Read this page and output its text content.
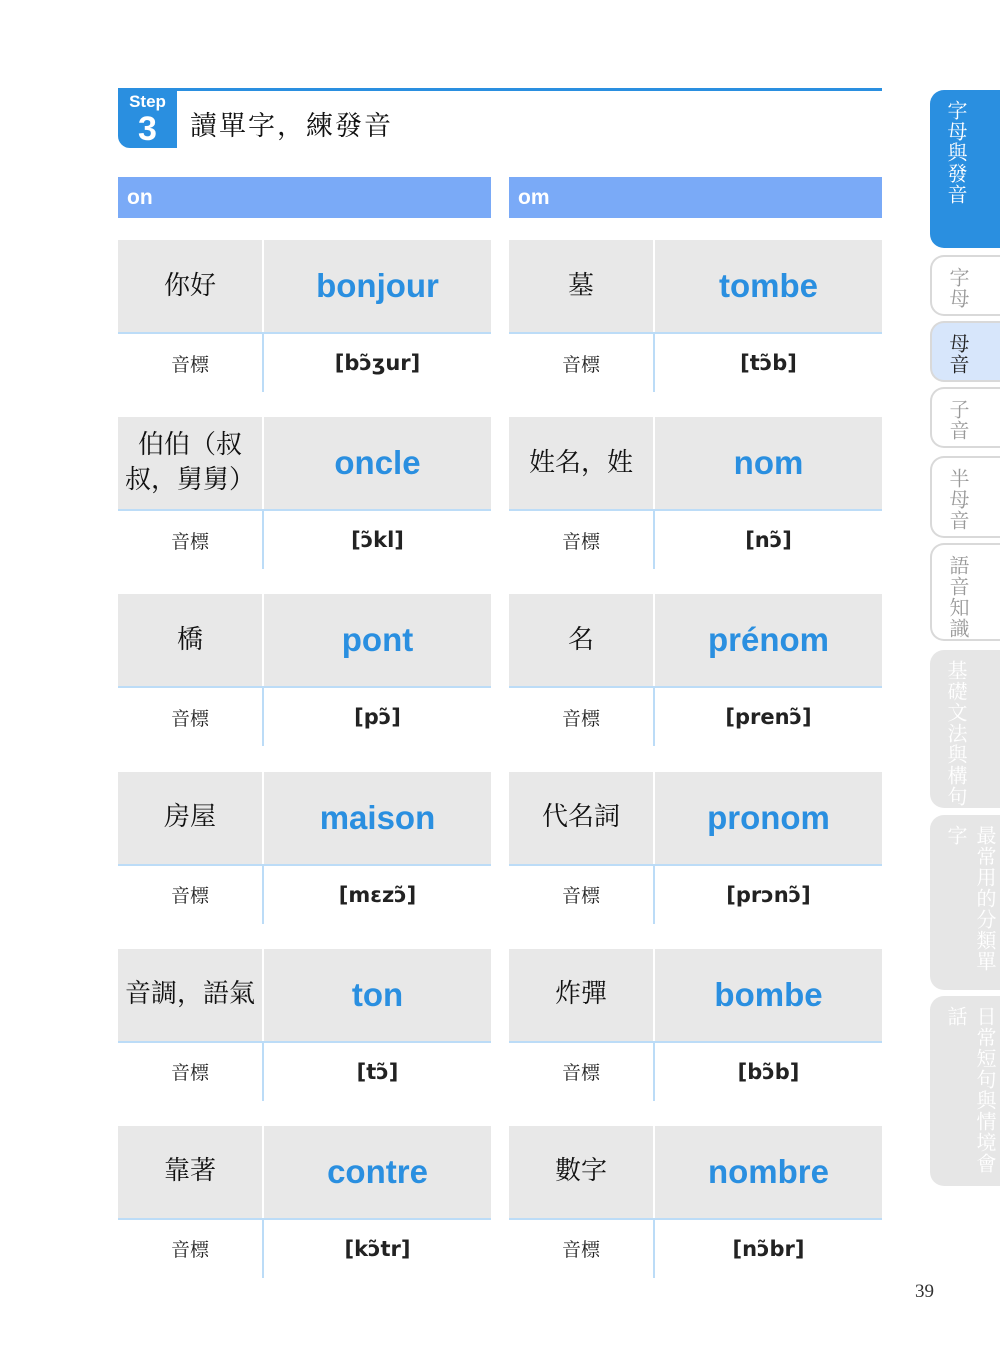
Step
3	讀單字，練發音
on
你好	bonjour
音標	[bɔ̃ʒur]
伯伯（叔叔，舅舅）	oncle
音標	[ɔ̃kl]
橋	pont
音標	[pɔ̃]
房屋	maison
音標	[mɛzɔ̃]
音調，語氣	ton
音標	[tɔ̃]
靠著	contre
音標	[kɔ̃tr]
om
墓	tombe
音標	[tɔ̃b]
姓名，姓	nom
音標	[nɔ̃]
名	prénom
音標	[prenɔ̃]
代名詞	pronom
音標	[prɔnɔ̃]
炸彈	bombe
音標	[bɔ̃b]
數字	nombre
音標	[nɔ̃br]
字母與發音
字母
母音
子音
半母音
語音知識
基礎文法與構句
最常用的分類單字
日常短句與情境會話
39
